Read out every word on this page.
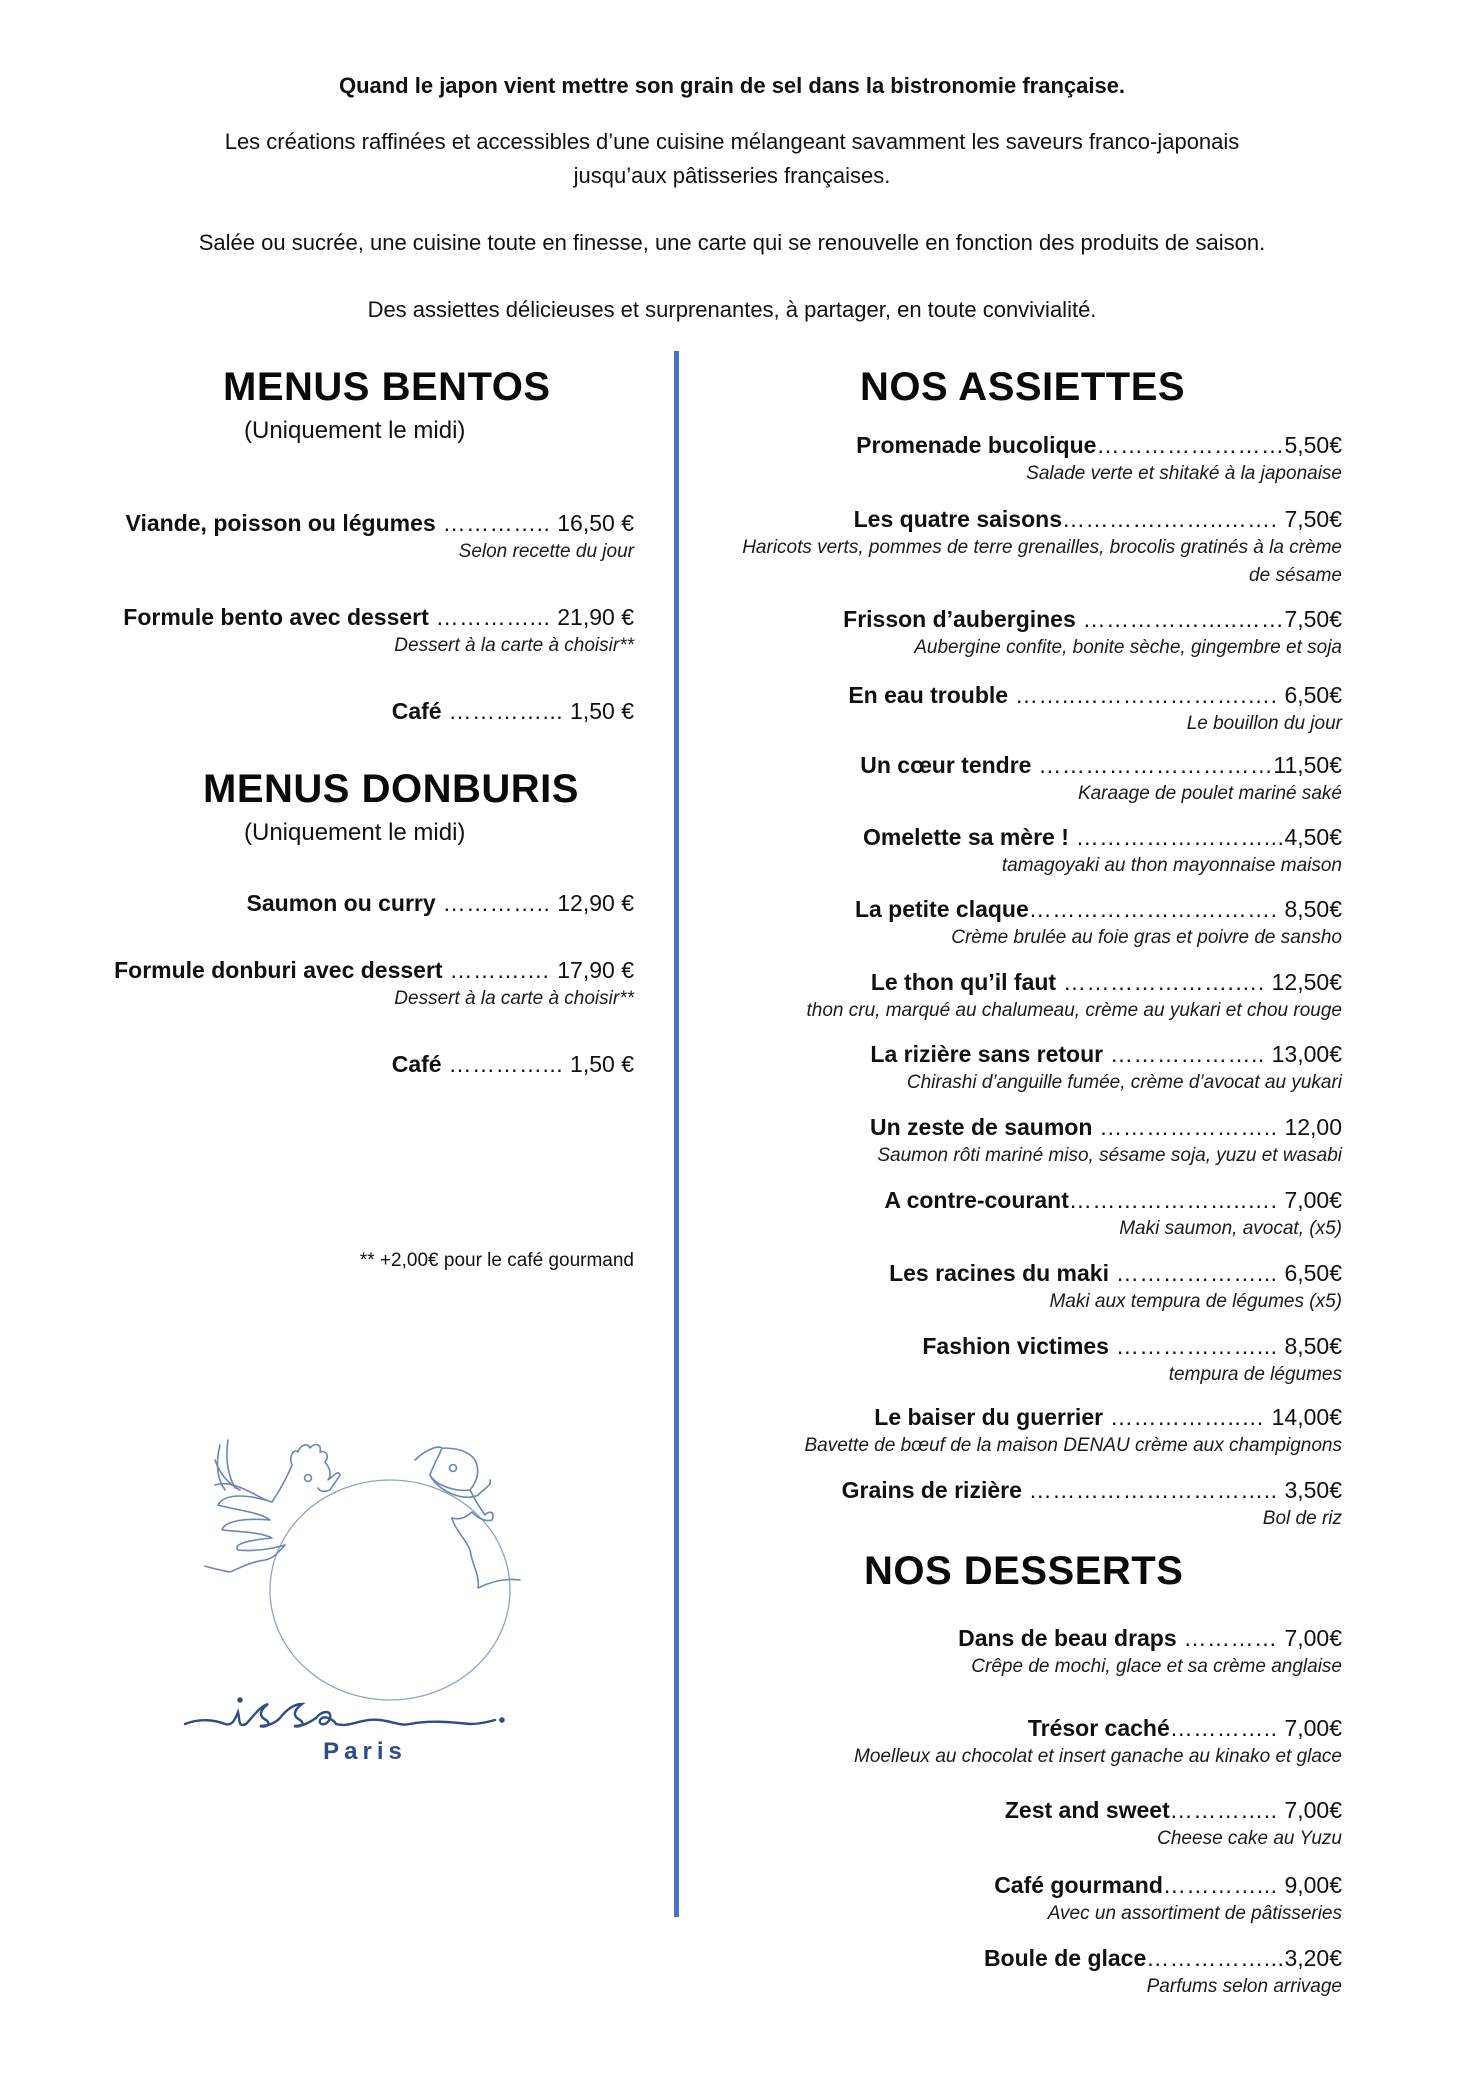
Quand le japon vient mettre son grain de sel dans la bistronomie française.
Les créations raffinées et accessibles d’une cuisine mélangeant savamment les saveurs franco-japonais
jusqu’aux pâtisseries françaises.
Salée ou sucrée, une cuisine toute en finesse, une carte qui se renouvelle en fonction des produits de saison.
Des assiettes délicieuses et surprenantes, à partager, en toute convivialité.
MENUS BENTOS
(Uniquement le midi)
Viande, poisson ou légumes ………….. 16,50 €
Selon recette du jour
Formule bento avec dessert …………... 21,90 €
Dessert à la carte à choisir**
Café …………... 1,50 €
MENUS DONBURIS
(Uniquement le midi)
Saumon ou curry ………….. 12,90 €
Formule donburi avec dessert ……….… 17,90 €
Dessert à la carte à choisir**
Café …………... 1,50 €
** +2,00€ pour le café gourmand
Paris
NOS ASSIETTES
Promenade bucolique……………………5,50€
Salade verte et shitaké à la japonaise
Les quatre saisons………….……..……. 7,50€
Haricots verts, pommes de terre grenailles, brocolis gratinés à la crème de sésame
Frisson d’aubergines ………………..……7,50€
Aubergine confite, bonite sèche, gingembre et soja
En eau trouble ……..………………….…. 6,50€
Le bouillon du jour
Un cœur tendre …………………………11,50€
Karaage de poulet mariné saké
Omelette sa mère ! ……………………...4,50€
tamagoyaki au thon mayonnaise maison
La petite claque…………………….……. 8,50€
Crème brulée au foie gras et poivre de sansho
Le thon qu’il faut ………………….…. 12,50€
thon cru, marqué au chalumeau, crème au yukari et chou rouge
La rizière sans retour ……………….. 13,00€
Chirashi d’anguille fumée, crème d’avocat au yukari
Un zeste de saumon ………………….. 12,00
Saumon rôti mariné miso, sésame soja, yuzu et wasabi
A contre-courant…………………..…. 7,00€
Maki saumon, avocat, (x5)
Les racines du maki ………………... 6,50€
Maki aux tempura de légumes (x5)
Fashion victimes ………………... 8,50€
tempura de légumes
Le baiser du guerrier ……………..… 14,00€
Bavette de bœuf de la maison DENAU crème aux champignons
Grains de rizière ………………………….. 3,50€
Bol de riz
NOS DESSERTS
Dans de beau draps ………… 7,00€
Crêpe de mochi, glace et sa crème anglaise
Trésor caché………….. 7,00€
Moelleux au chocolat et insert ganache au kinako et glace
Zest and sweet………….. 7,00€
Cheese cake au Yuzu
Café gourmand…………... 9,00€
Avec un assortiment de pâtisseries
Boule de glace……………...3,20€
Parfums selon arrivage
